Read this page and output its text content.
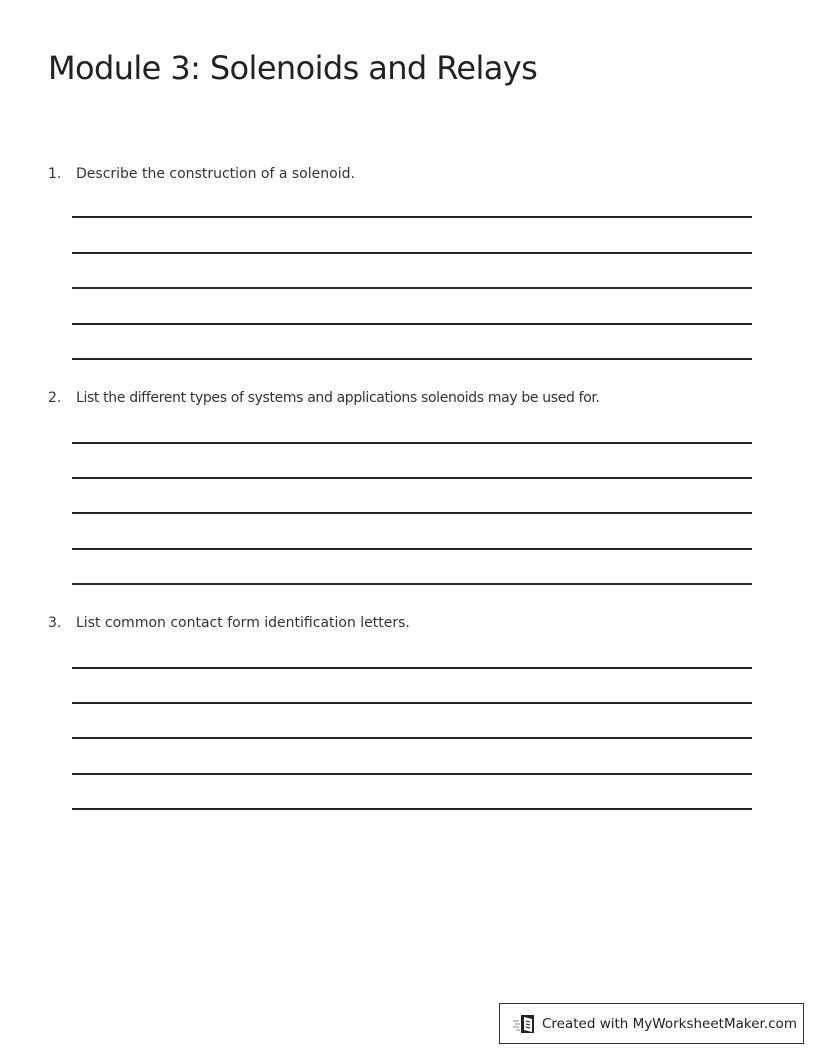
Module 3: Solenoids and Relays
1. Describe the construction of a solenoid.
2. List the different types of systems and applications solenoids may be used for.
3. List common contact form identification letters.
Created with MyWorksheetMaker.com
